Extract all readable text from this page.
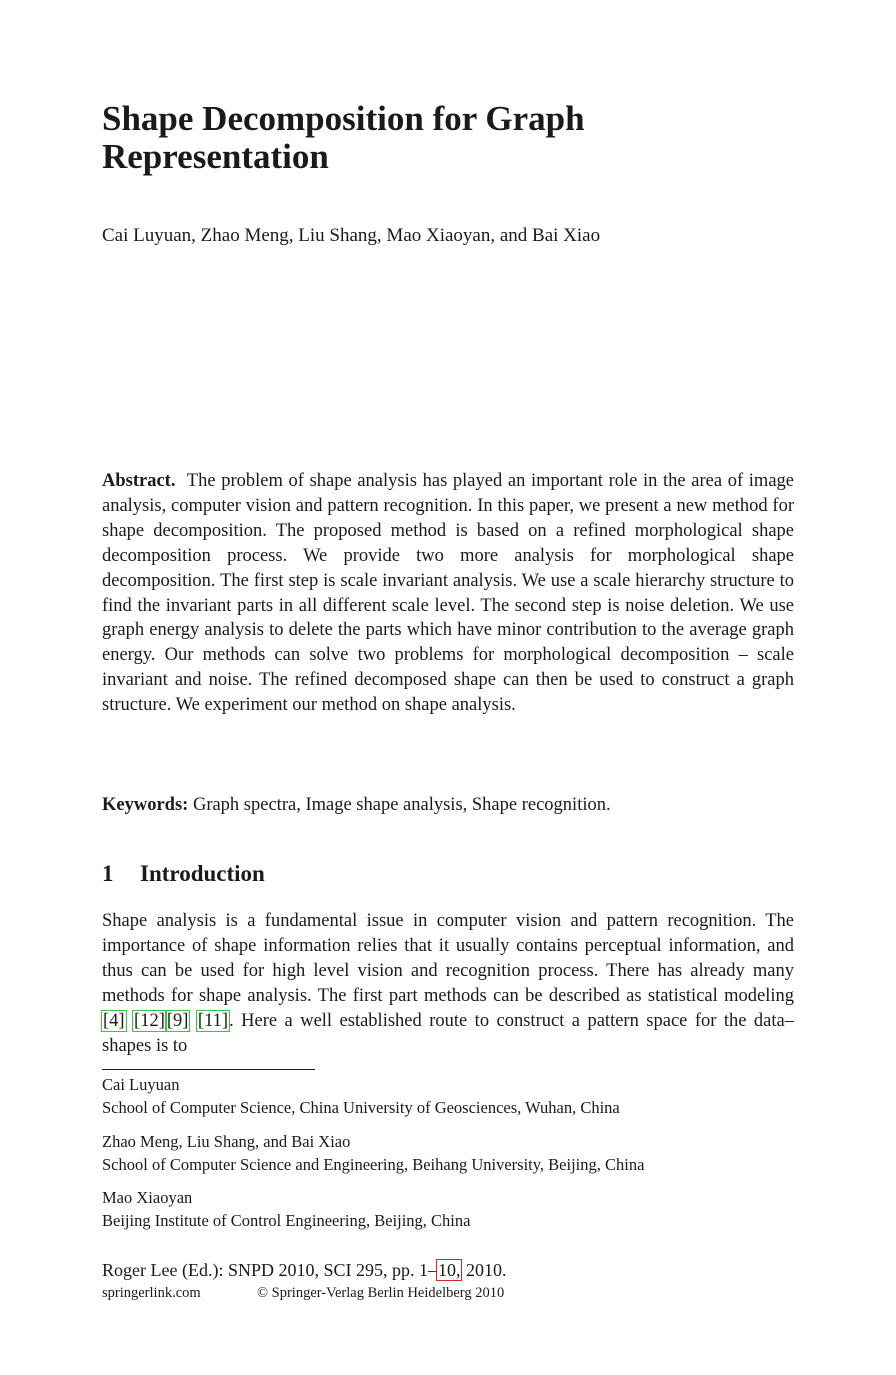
Shape Decomposition for Graph Representation

Cai Luyuan, Zhao Meng, Liu Shang, Mao Xiaoyan, and Bai Xiao

Abstract. The problem of shape analysis has played an important role in the area of image analysis, computer vision and pattern recognition. In this paper, we present a new method for shape decomposition. The proposed method is based on a refined morphological shape decomposition process. We provide two more analysis for morphological shape decomposition. The first step is scale invariant analysis. We use a scale hierarchy structure to find the invariant parts in all different scale level. The second step is noise deletion. We use graph energy analysis to delete the parts which have minor contribution to the average graph energy. Our methods can solve two problems for morphological decomposition – scale invariant and noise. The refined decomposed shape can then be used to construct a graph structure. We experiment our method on shape analysis.

Keywords: Graph spectra, Image shape analysis, Shape recognition.

1 Introduction

Shape analysis is a fundamental issue in computer vision and pattern recognition. The importance of shape information relies that it usually contains perceptual information, and thus can be used for high level vision and recognition process. There has already many methods for shape analysis. The first part methods can be described as statistical modeling [4] [12] [9] [11]. Here a well established route to construct a pattern space for the data–shapes is to

Cai Luyuan
School of Computer Science, China University of Geosciences, Wuhan, China

Zhao Meng, Liu Shang, and Bai Xiao
School of Computer Science and Engineering, Beihang University, Beijing, China

Mao Xiaoyan
Beijing Institute of Control Engineering, Beijing, China

Roger Lee (Ed.): SNPD 2010, SCI 295, pp. 1–10, 2010.

springerlink.com	© Springer-Verlag Berlin Heidelberg 2010
